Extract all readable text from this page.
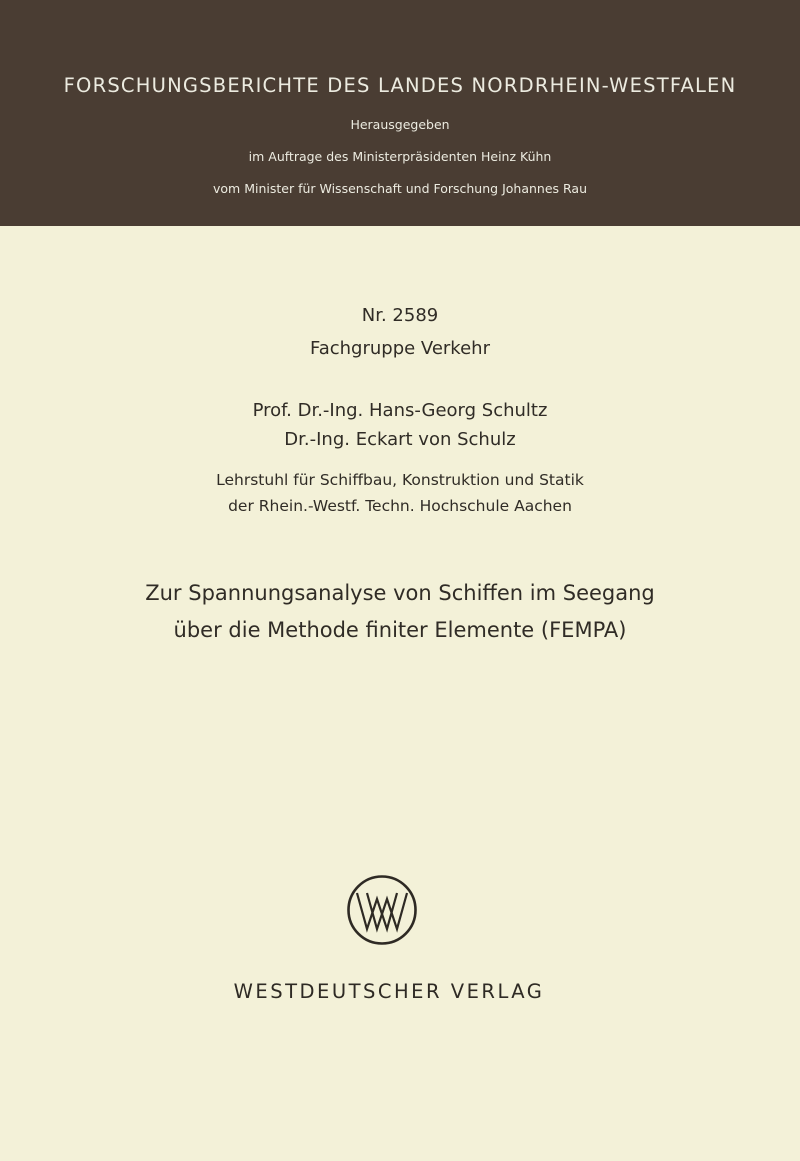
FORSCHUNGSBERICHTE DES LANDES NORDRHEIN-WESTFALEN
Herausgegeben
im Auftrage des Ministerpräsidenten Heinz Kühn
vom Minister für Wissenschaft und Forschung Johannes Rau
Nr. 2589
Fachgruppe Verkehr
Prof. Dr.-Ing. Hans-Georg Schultz
Dr.-Ing. Eckart von Schulz
Lehrstuhl für Schiffbau, Konstruktion und Statik
der Rhein.-Westf. Techn. Hochschule Aachen
Zur Spannungsanalyse von Schiffen im Seegang
über die Methode finiter Elemente (FEMPA)
WESTDEUTSCHER VERLAG
